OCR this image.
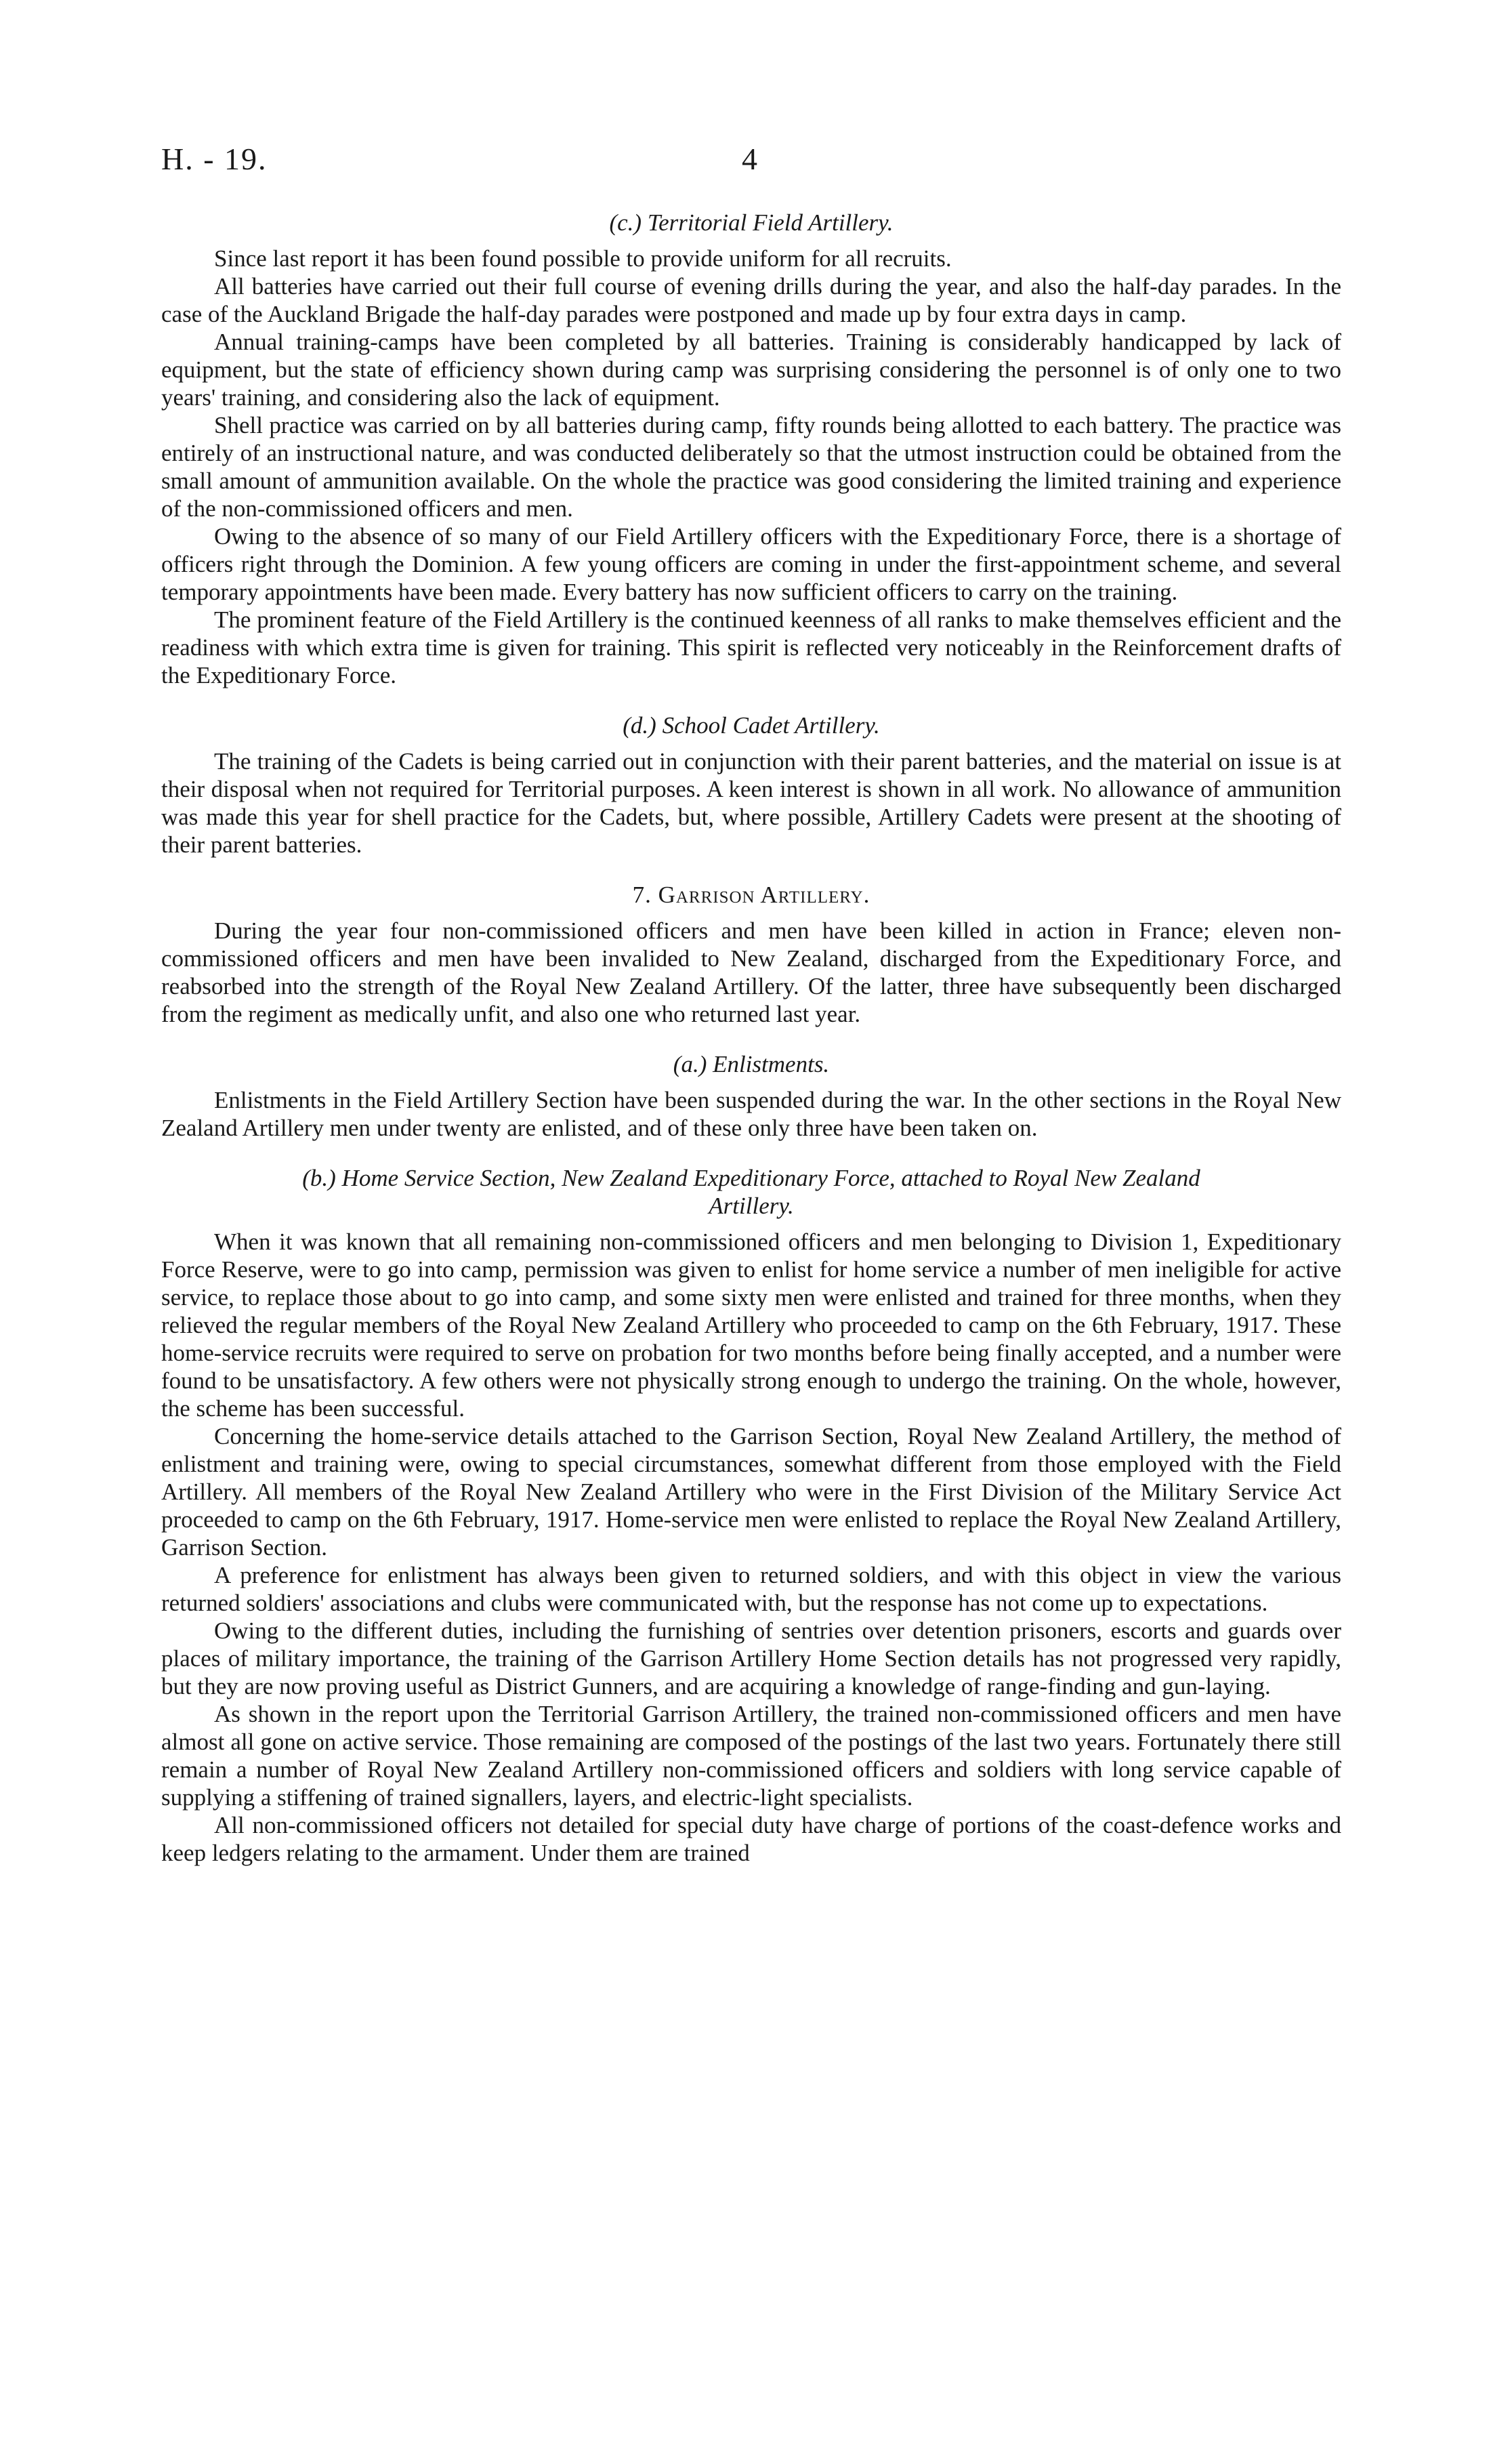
H. - 19.	4
(c.) Territorial Field Artillery.

Since last report it has been found possible to provide uniform for all recruits.

All batteries have carried out their full course of evening drills during the year, and also the half-day parades. In the case of the Auckland Brigade the half-day parades were postponed and made up by four extra days in camp.

Annual training-camps have been completed by all batteries. Training is considerably handicapped by lack of equipment, but the state of efficiency shown during camp was surprising considering the personnel is of only one to two years' training, and considering also the lack of equipment.

Shell practice was carried on by all batteries during camp, fifty rounds being allotted to each battery. The practice was entirely of an instructional nature, and was conducted deliberately so that the utmost instruction could be obtained from the small amount of ammunition available. On the whole the practice was good considering the limited training and experience of the non-commissioned officers and men.

Owing to the absence of so many of our Field Artillery officers with the Expeditionary Force, there is a shortage of officers right through the Dominion. A few young officers are coming in under the first-appointment scheme, and several temporary appointments have been made. Every battery has now sufficient officers to carry on the training.

The prominent feature of the Field Artillery is the continued keenness of all ranks to make themselves efficient and the readiness with which extra time is given for training. This spirit is reflected very noticeably in the Reinforcement drafts of the Expeditionary Force.

(d.) School Cadet Artillery.

The training of the Cadets is being carried out in conjunction with their parent batteries, and the material on issue is at their disposal when not required for Territorial purposes. A keen interest is shown in all work. No allowance of ammunition was made this year for shell practice for the Cadets, but, where possible, Artillery Cadets were present at the shooting of their parent batteries.

7. Garrison Artillery.

During the year four non-commissioned officers and men have been killed in action in France; eleven non-commissioned officers and men have been invalided to New Zealand, discharged from the Expeditionary Force, and reabsorbed into the strength of the Royal New Zealand Artillery. Of the latter, three have subsequently been discharged from the regiment as medically unfit, and also one who returned last year.

(a.) Enlistments.

Enlistments in the Field Artillery Section have been suspended during the war. In the other sections in the Royal New Zealand Artillery men under twenty are enlisted, and of these only three have been taken on.

(b.) Home Service Section, New Zealand Expeditionary Force, attached to Royal New Zealand
Artillery.

When it was known that all remaining non-commissioned officers and men belonging to Division 1, Expeditionary Force Reserve, were to go into camp, permission was given to enlist for home service a number of men ineligible for active service, to replace those about to go into camp, and some sixty men were enlisted and trained for three months, when they relieved the regular members of the Royal New Zealand Artillery who proceeded to camp on the 6th February, 1917. These home-service recruits were required to serve on probation for two months before being finally accepted, and a number were found to be unsatisfactory. A few others were not physically strong enough to undergo the training. On the whole, however, the scheme has been successful.

Concerning the home-service details attached to the Garrison Section, Royal New Zealand Artillery, the method of enlistment and training were, owing to special circumstances, somewhat different from those employed with the Field Artillery. All members of the Royal New Zealand Artillery who were in the First Division of the Military Service Act proceeded to camp on the 6th February, 1917. Home-service men were enlisted to replace the Royal New Zealand Artillery, Garrison Section.

A preference for enlistment has always been given to returned soldiers, and with this object in view the various returned soldiers' associations and clubs were communicated with, but the response has not come up to expectations.

Owing to the different duties, including the furnishing of sentries over detention prisoners, escorts and guards over places of military importance, the training of the Garrison Artillery Home Section details has not progressed very rapidly, but they are now proving useful as District Gunners, and are acquiring a knowledge of range-finding and gun-laying.

As shown in the report upon the Territorial Garrison Artillery, the trained non-commissioned officers and men have almost all gone on active service. Those remaining are composed of the postings of the last two years. Fortunately there still remain a number of Royal New Zealand Artillery non-commissioned officers and soldiers with long service capable of supplying a stiffening of trained signallers, layers, and electric-light specialists.

All non-commissioned officers not detailed for special duty have charge of portions of the coast-defence works and keep ledgers relating to the armament. Under them are trained
